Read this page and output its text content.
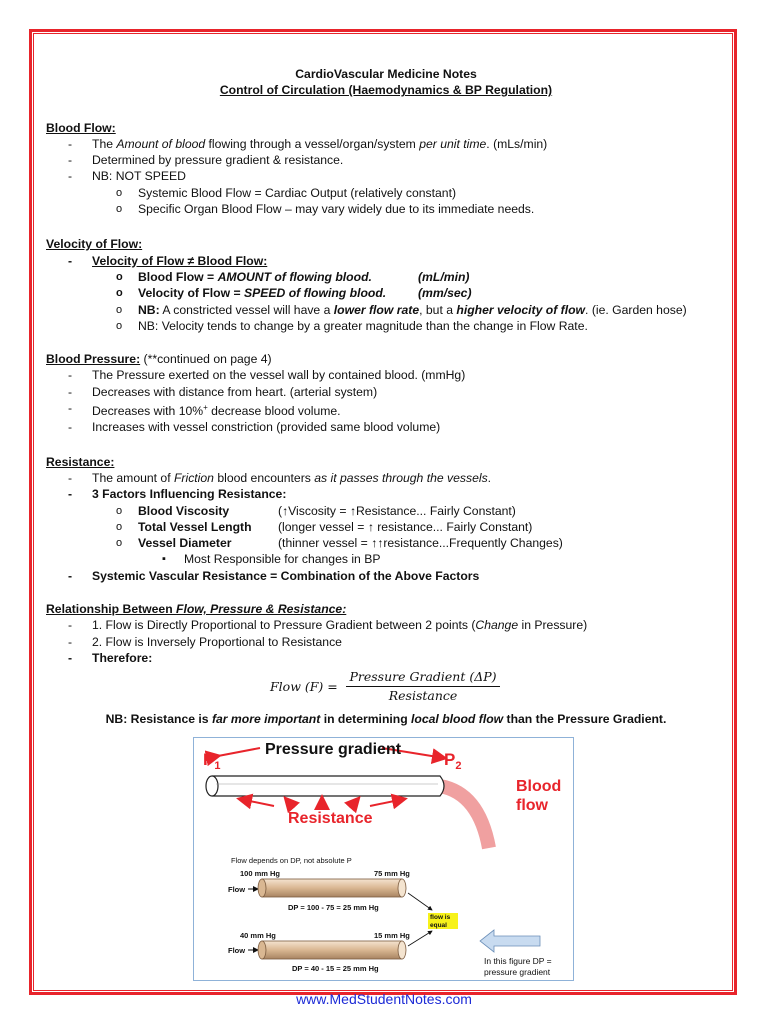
CardioVascular Medicine Notes
Control of Circulation (Haemodynamics & BP Regulation)
Blood Flow:
- The Amount of blood flowing through a vessel/organ/system per unit time. (mLs/min)
- Determined by pressure gradient & resistance.
- NB: NOT SPEED
o Systemic Blood Flow = Cardiac Output (relatively constant)
o Specific Organ Blood Flow – may vary widely due to its immediate needs.
Velocity of Flow:
- Velocity of Flow ≠ Blood Flow:
o Blood Flow = AMOUNT of flowing blood.	(mL/min)
o Velocity of Flow = SPEED of flowing blood.	(mm/sec)
o NB: A constricted vessel will have a lower flow rate, but a higher velocity of flow. (ie. Garden hose)
o NB: Velocity tends to change by a greater magnitude than the change in Flow Rate.
Blood Pressure: (**continued on page 4)
- The Pressure exerted on the vessel wall by contained blood. (mmHg)
- Decreases with distance from heart. (arterial system)
- Decreases with 10%+ decrease blood volume.
- Increases with vessel constriction (provided same blood volume)
Resistance:
- The amount of Friction blood encounters as it passes through the vessels.
- 3 Factors Influencing Resistance:
o Blood Viscosity	(↑Viscosity = ↑Resistance... Fairly Constant)
o Total Vessel Length (longer vessel = ↑ resistance... Fairly Constant)
o Vessel Diameter	(thinner vessel = ↑↑resistance...Frequently Changes)
▪ Most Responsible for changes in BP
- Systemic Vascular Resistance = Combination of the Above Factors
Relationship Between Flow, Pressure & Resistance:
- 1. Flow is Directly Proportional to Pressure Gradient between 2 points (Change in Pressure)
- 2. Flow is Inversely Proportional to Resistance
- Therefore:
Flow (F) =
Pressure Gradient (ΔP)
Resistance
NB: Resistance is far more important in determining local blood flow than the Pressure Gradient.
$P_1$
Pressure gradient
$P_2$
Resistance
Blood
flow
Flow depends on DP, not absolute P
100 mm Hg	75 mm Hg
Flow
DP = 100 - 75 = 25 mm Hg
flow is
equal
40 mm Hg	15 mm Hg
Flow
DP = 40 - 15 = 25 mm Hg
In this figure DP =
pressure gradient
www.MedStudentNotes.com
